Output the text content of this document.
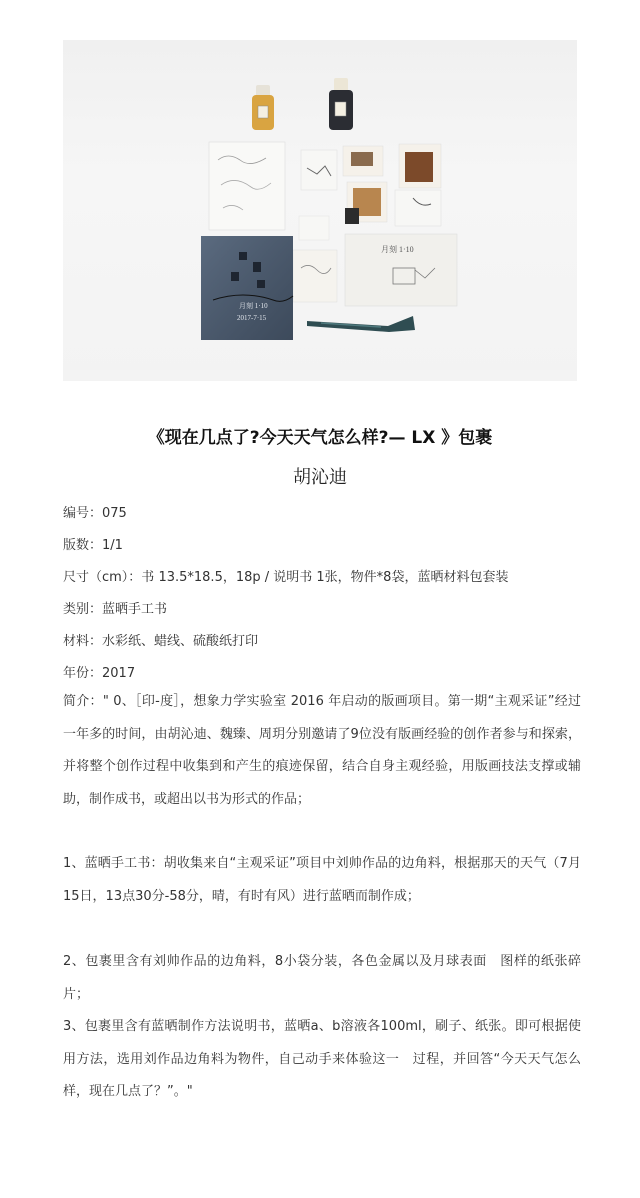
月刻 1·10
月刻 1·10
2017-7·15
《现在几点了?今天天气怎么样?— LX 》包裹
胡沁迪
编号：075
版数：1/1
尺寸（cm）：书 13.5*18.5，18p / 说明书 1张，物件*8袋，蓝晒材料包套装
类别：蓝晒手工书
材料：水彩纸、蜡线、硫酸纸打印
年份：2017
简介：" 0、［印-度］，想象力学实验室 2016 年启动的版画项目。第一期“主观采证”经过一年多的时间，由胡沁迪、魏臻、周玥分别邀请了9位没有版画经验的创作者参与和探索，并将整个创作过程中收集到和产生的痕迹保留，结合自身主观经验，用版画技法支撑或辅助，制作成书，或超出以书为形式的作品；
1、蓝晒手工书：胡收集来自“主观采证”项目中刘帅作品的边角料，根据那天的天气（7月15日，13点30分-58分，晴，有时有风）进行蓝晒而制作成；
2、包裹里含有刘帅作品的边角料，8小袋分装，各色金属以及月球表面　图样的纸张碎片；
3、包裹里含有蓝晒制作方法说明书，蓝晒a、b溶液各100ml，刷子、纸张。即可根据使用方法，选用刘作品边角料为物件，自己动手来体验这一　过程，并回答“今天天气怎么样，现在几点了？”。"
